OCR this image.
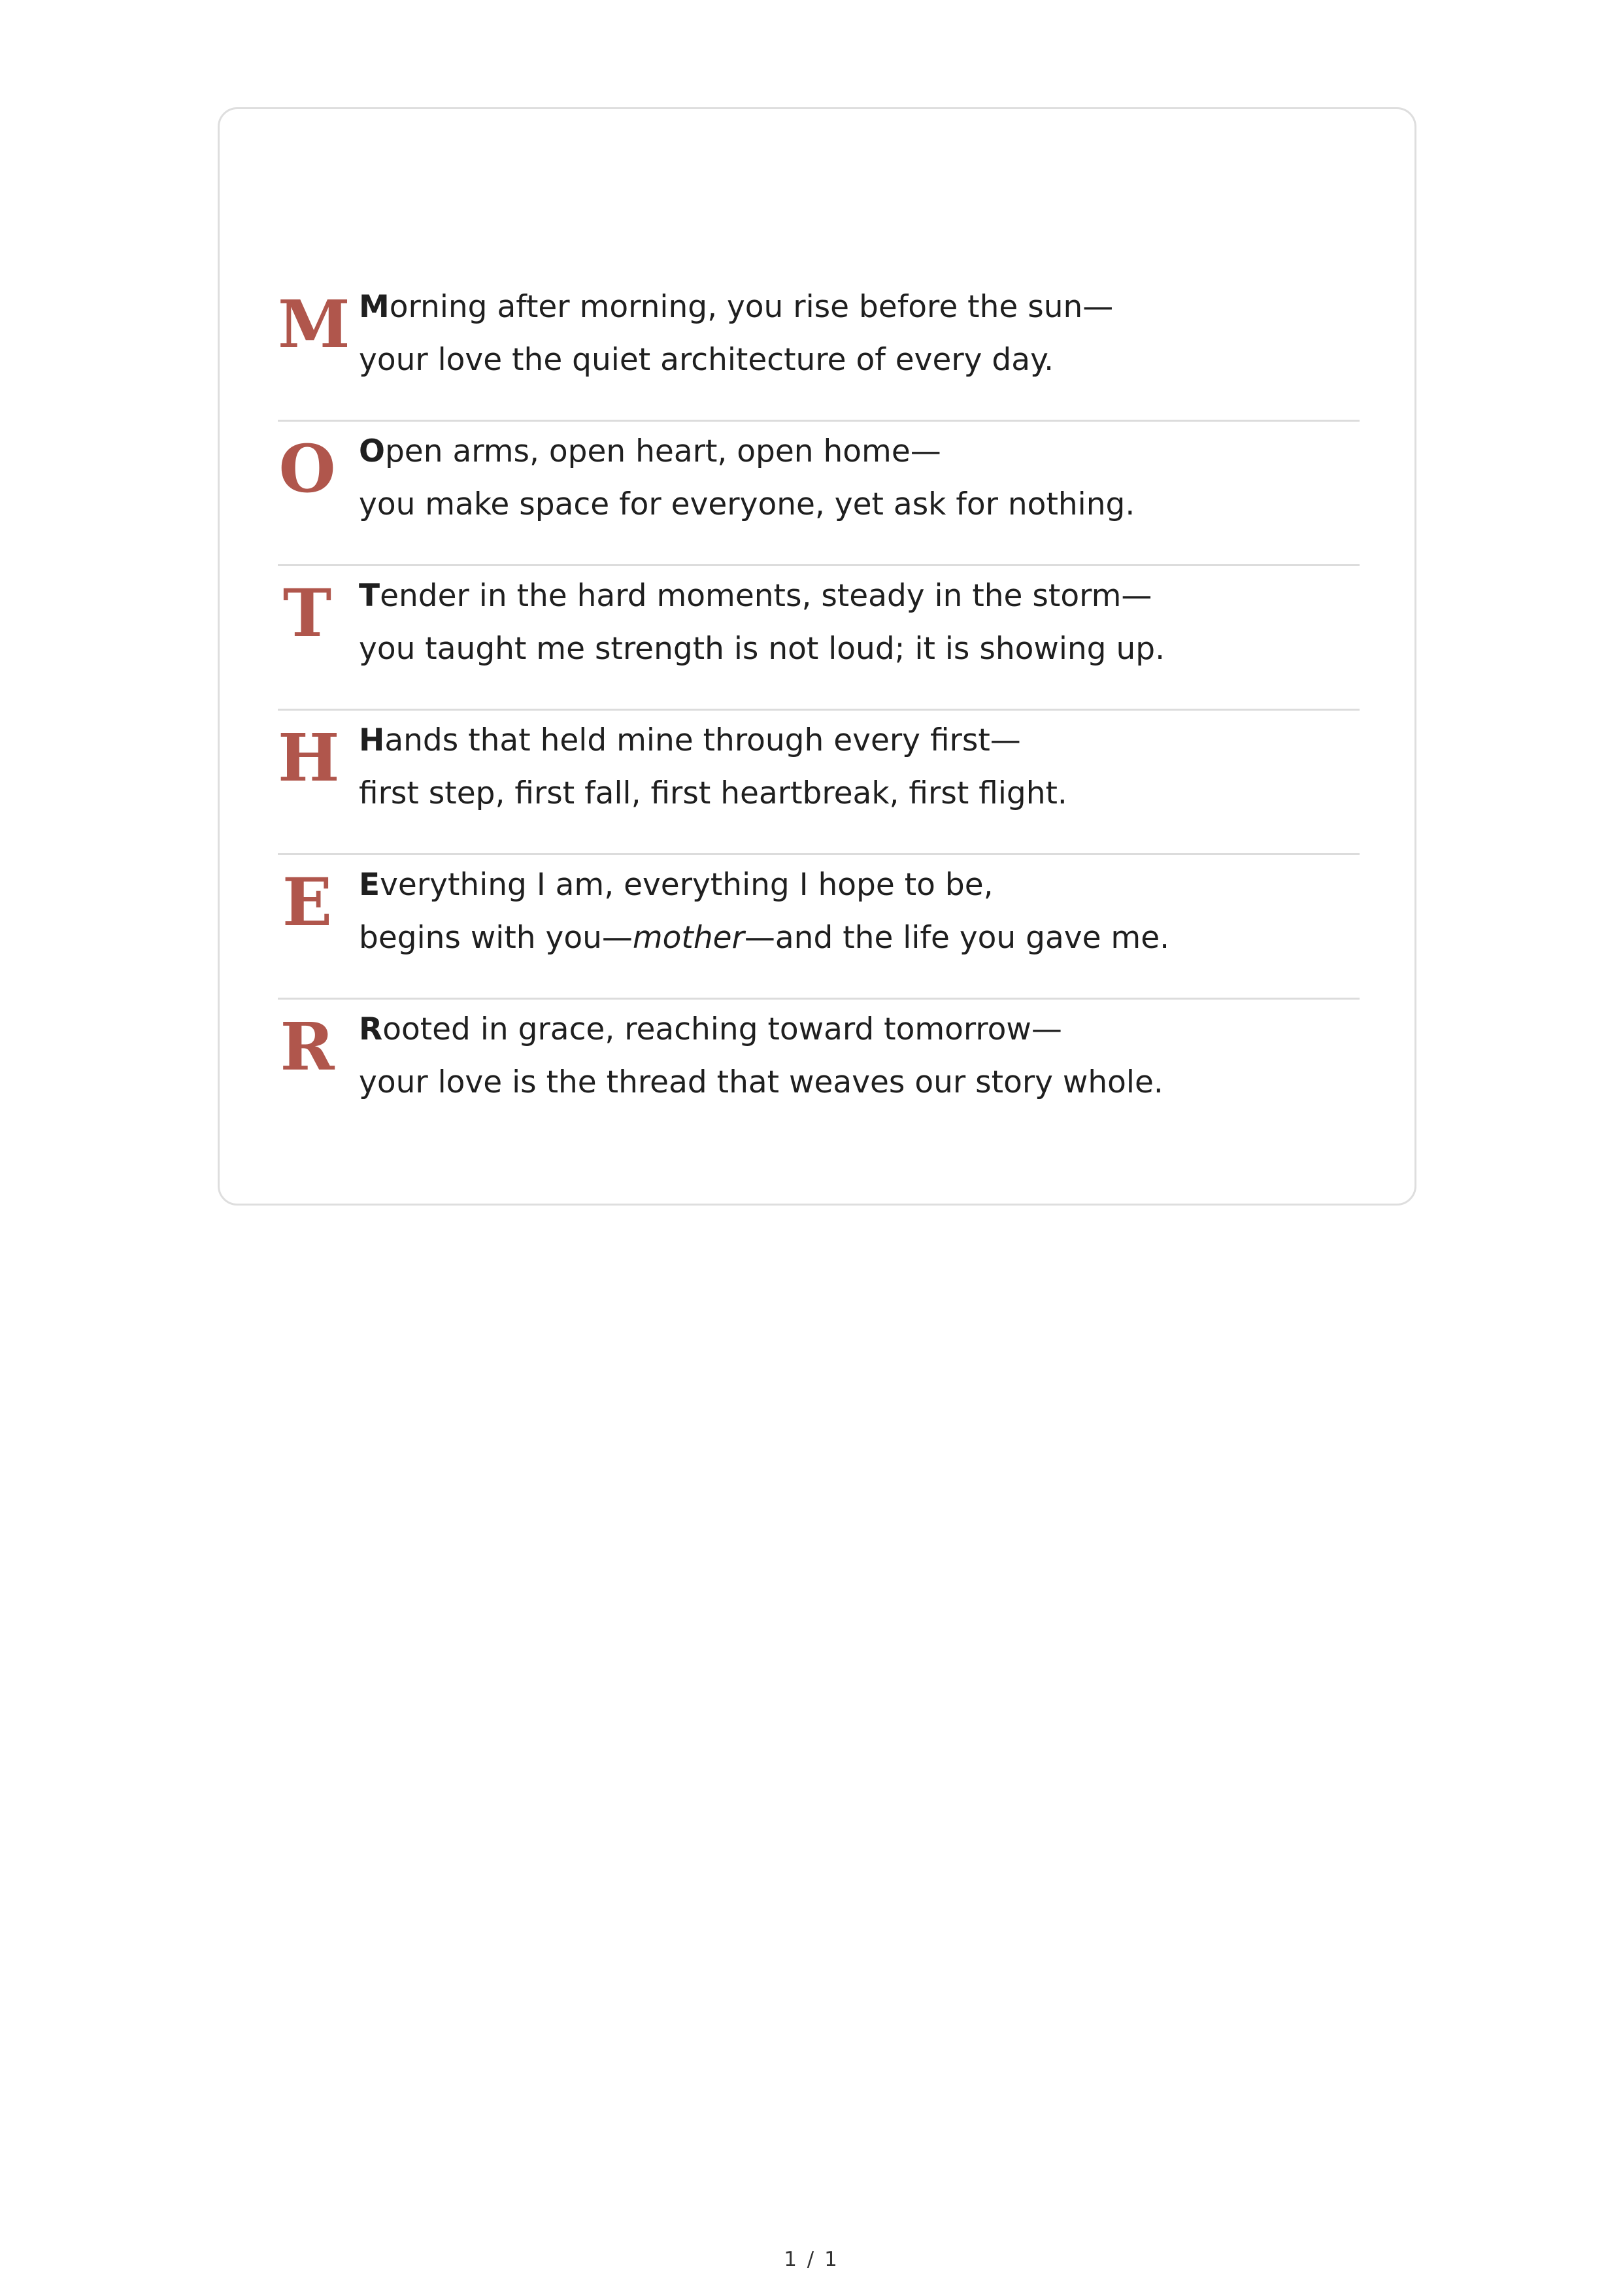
M Morning after morning, you rise before the sun—
your love the quiet architecture of every day.
O Open arms, open heart, open home—
you make space for everyone, yet ask for nothing.
T Tender in the hard moments, steady in the storm—
you taught me strength is not loud; it is showing up.
H Hands that held mine through every first—
first step, first fall, first heartbreak, first flight.
E Everything I am, everything I hope to be,
begins with you—mother—and the life you gave me.
R Rooted in grace, reaching toward tomorrow—
your love is the thread that weaves our story whole.
1 / 1
